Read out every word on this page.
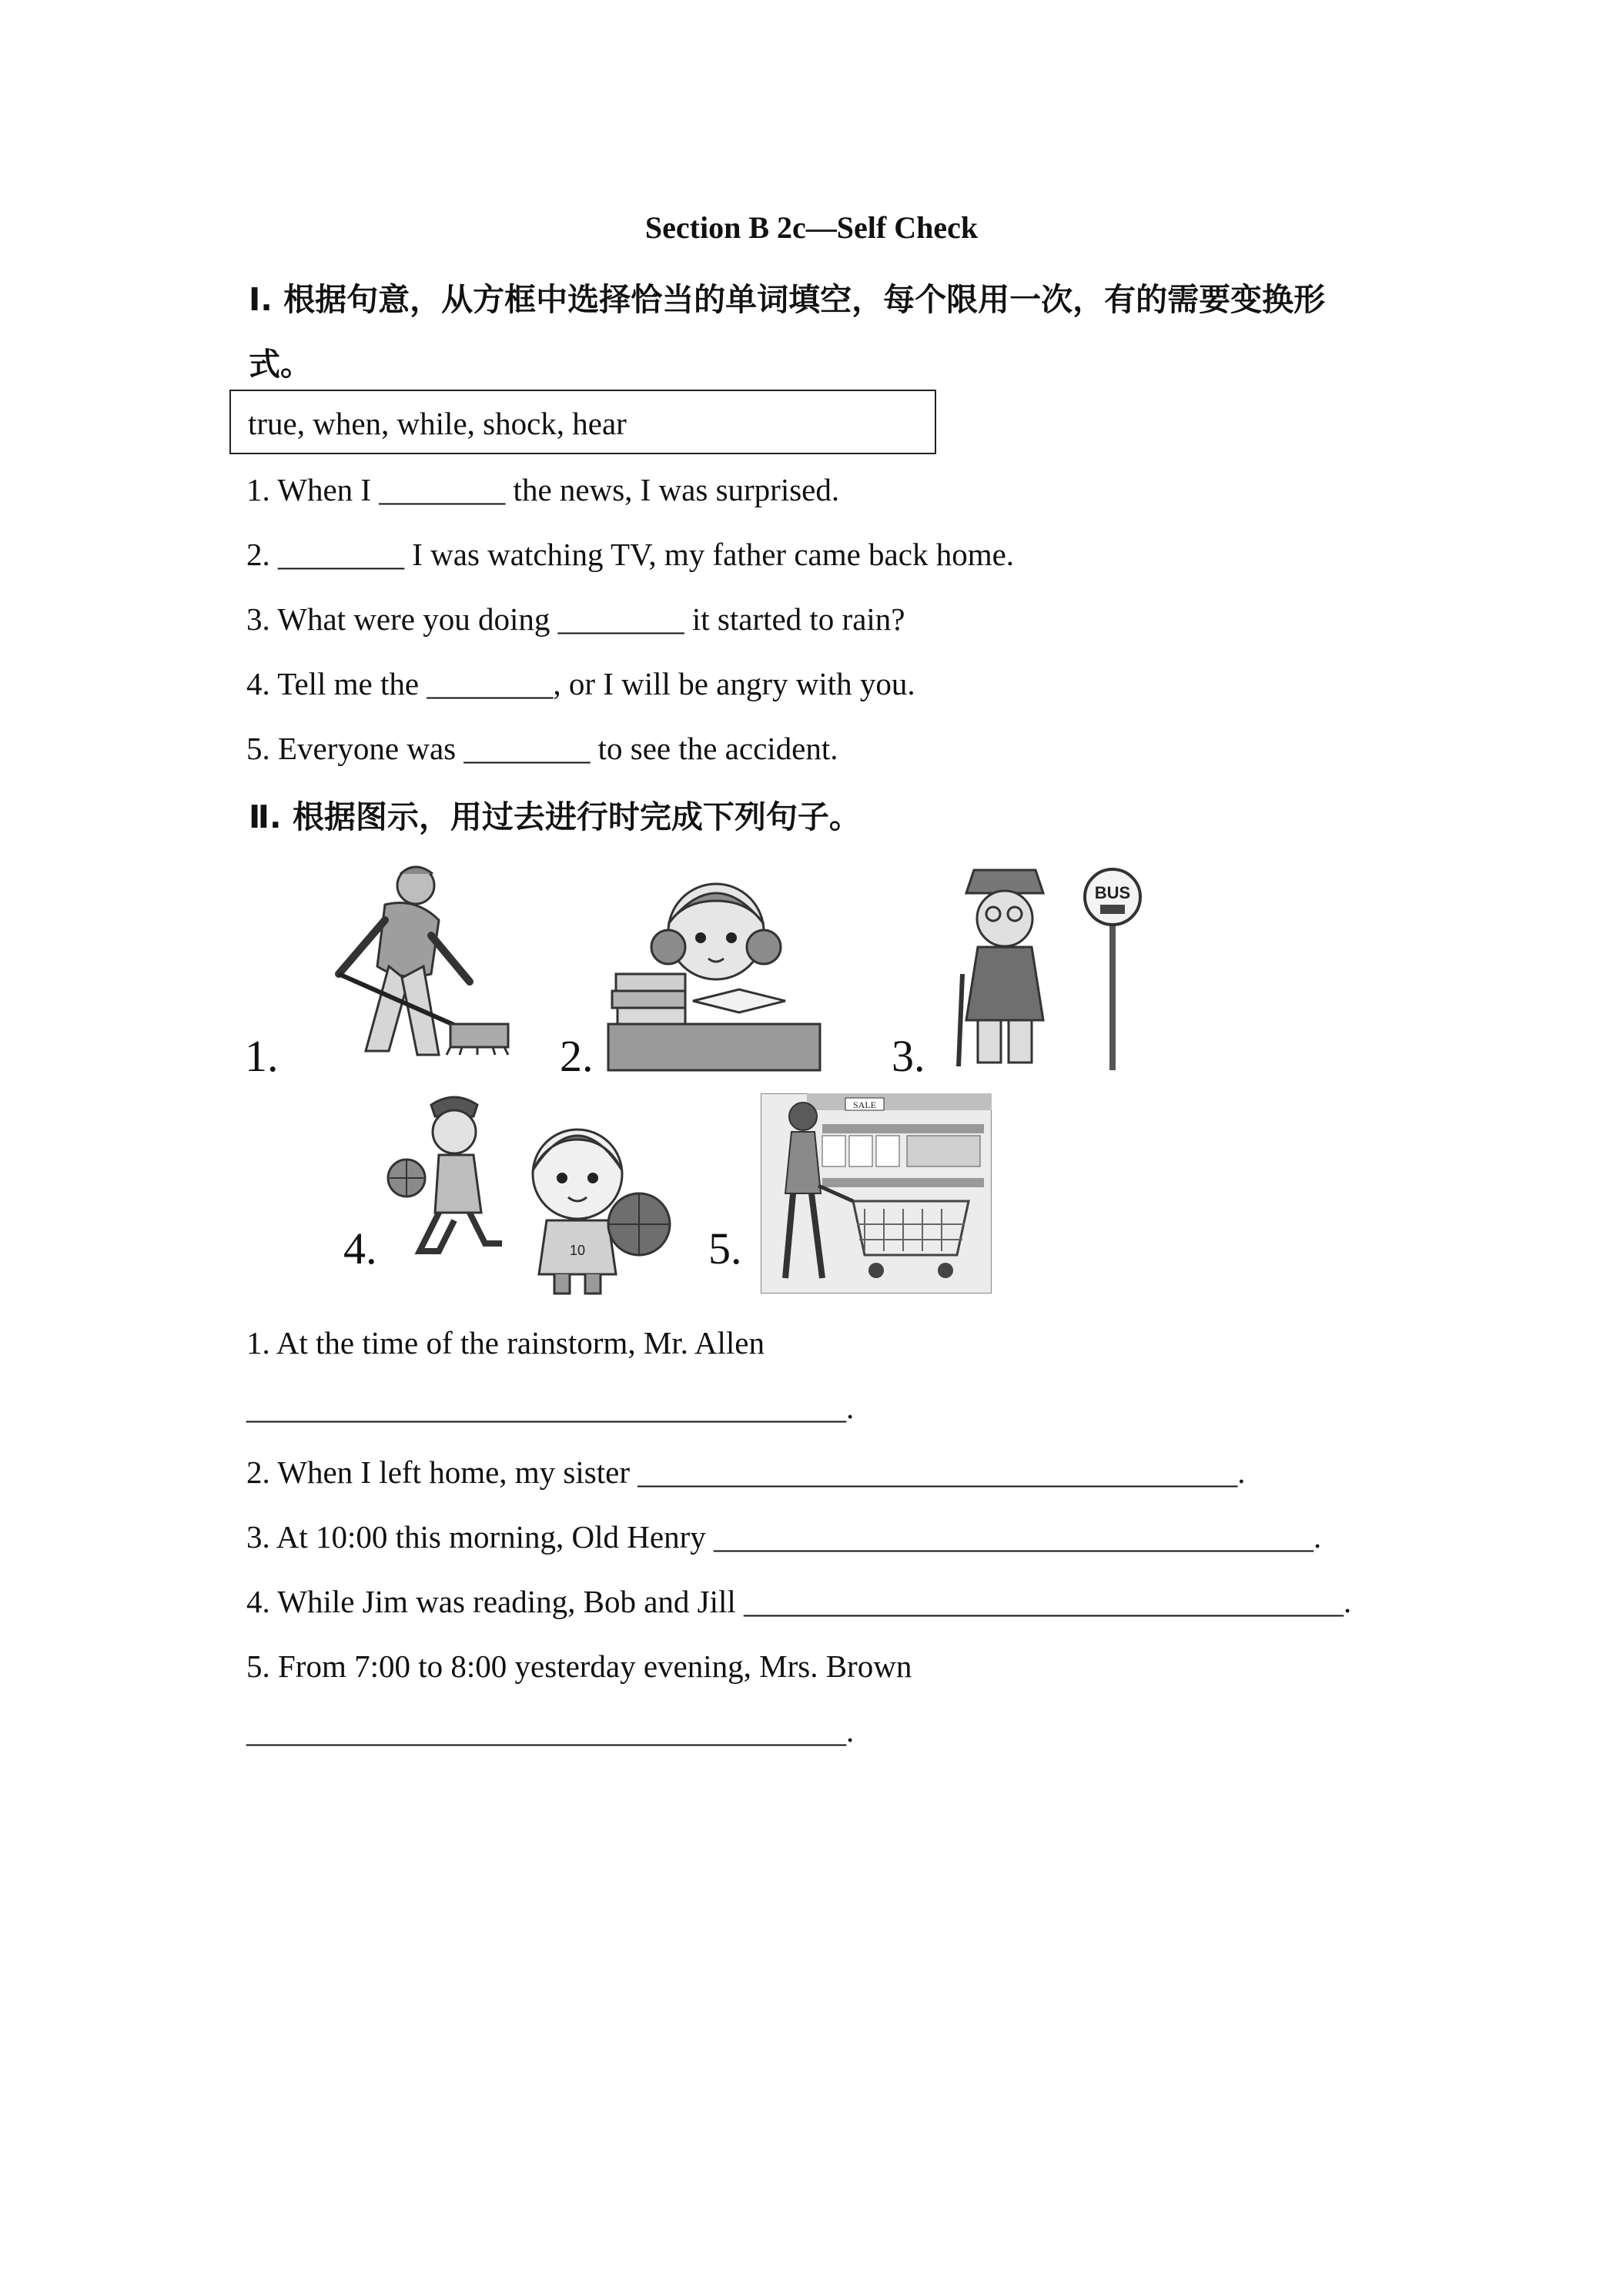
Section B 2c—Self Check
Ⅰ. 根据句意，从方框中选择恰当的单词填空，每个限用一次，有的需要变换形
式。
true, when, while, shock, hear
1. When I ________ the news, I was surprised.
2. ________ I was watching TV, my father came back home.
3. What were you doing ________ it started to rain?
4. Tell me the ________, or I will be angry with you.
5. Everyone was ________ to see the accident.
Ⅱ. 根据图示，用过去进行时完成下列句子。
1.	2.	3.
BUS
4.	10	5.
SALE
1. At the time of the rainstorm, Mr. Allen
______________________________________.
2. When I left home, my sister ______________________________________.
3. At 10:00 this morning, Old Henry ______________________________________.
4. While Jim was reading, Bob and Jill ______________________________________.
5. From 7:00 to 8:00 yesterday evening, Mrs. Brown
______________________________________.
